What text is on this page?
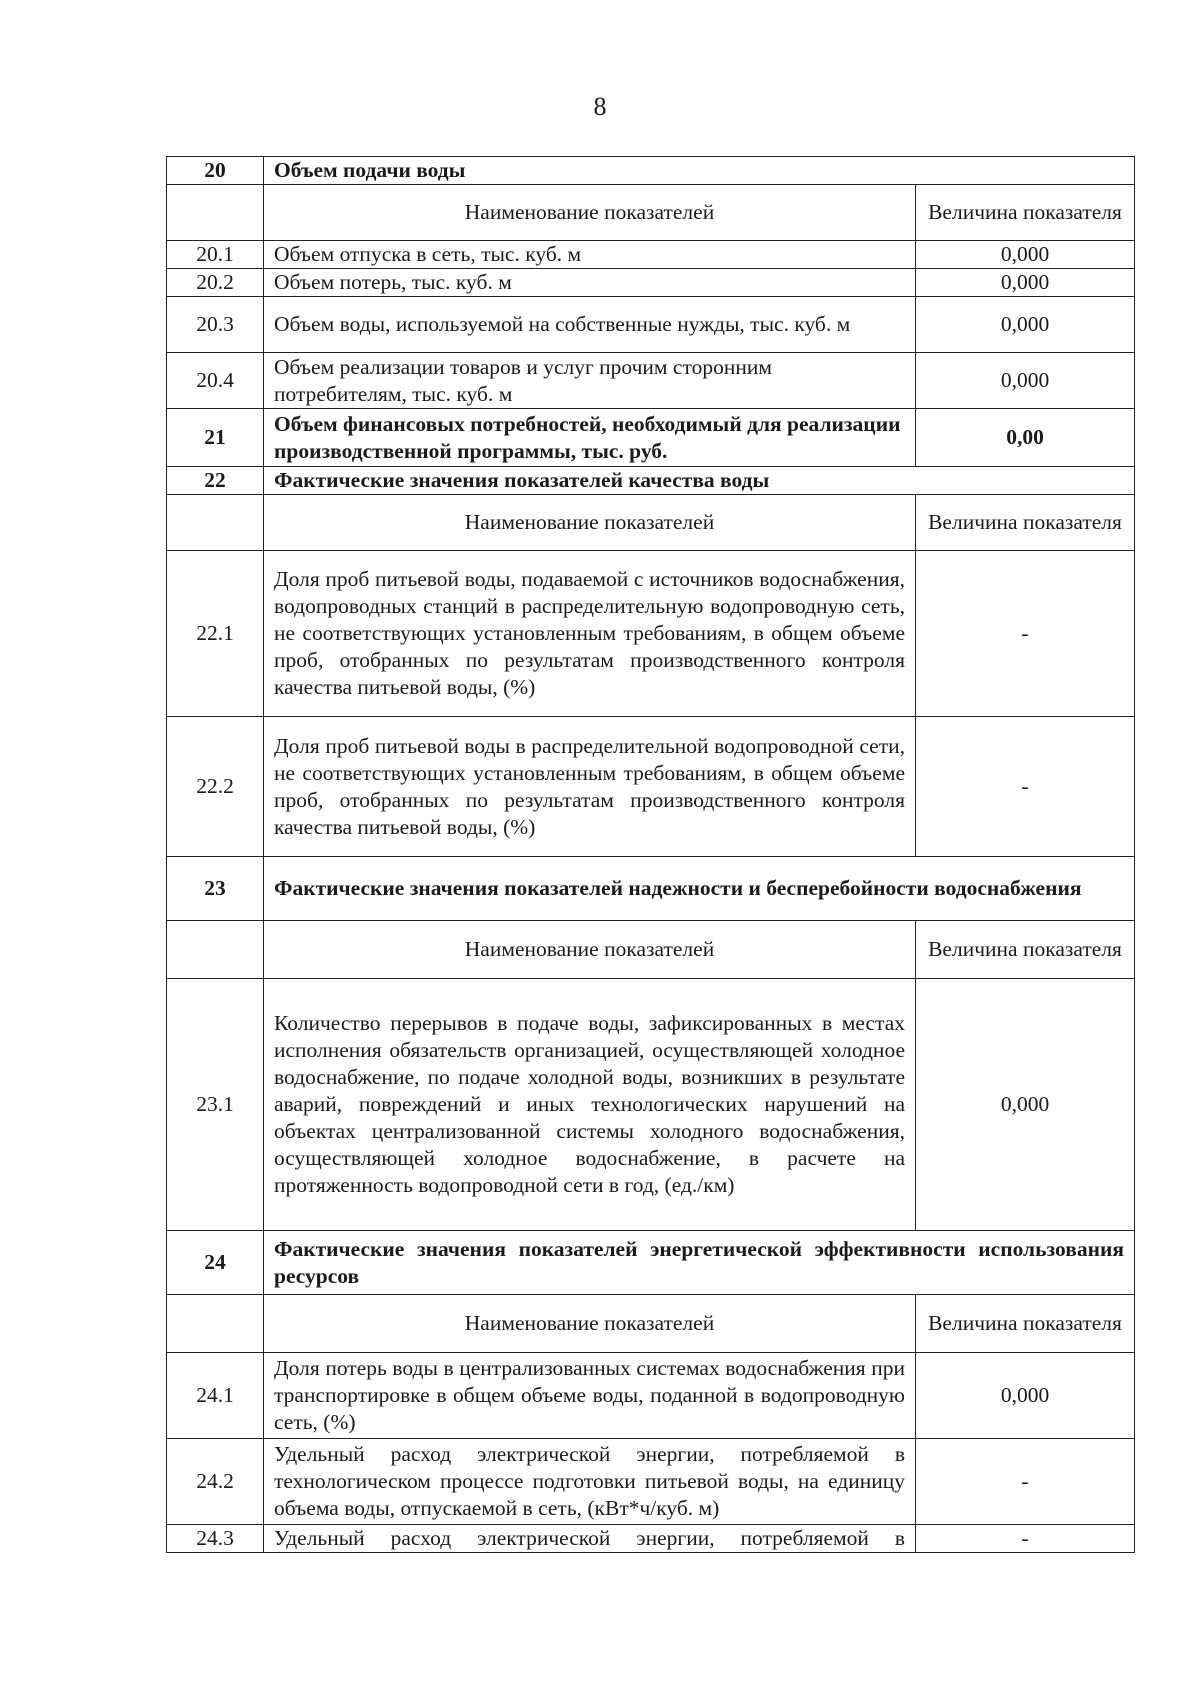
8
20	Объем подачи воды	
	Наименование показателей	Величина показателя
20.1	Объем отпуска в сеть, тыс. куб. м	0,000
20.2	Объем потерь, тыс. куб. м	0,000
20.3	Объем воды, используемой на собственные нужды, тыс. куб. м	0,000
20.4	Объем реализации товаров и услуг прочим сторонним потребителям, тыс. куб. м	0,000
21	Объем финансовых потребностей, необходимый для реализации производственной программы, тыс. руб.	0,00
22	Фактические значения показателей качества воды	
	Наименование показателей	Величина показателя
22.1	Доля проб питьевой воды, подаваемой с источников водоснабжения, водопроводных станций в распределительную водопроводную сеть, не соответствующих установленным требованиям, в общем объеме проб, отобранных по результатам производственного контроля качества питьевой воды, (%)	-
22.2	Доля проб питьевой воды в распределительной водопроводной сети, не соответствующих установленным требованиям, в общем объеме проб, отобранных по результатам производственного контроля качества питьевой воды, (%)	-
23	Фактические значения показателей надежности и бесперебойности водоснабжения	
	Наименование показателей	Величина показателя
23.1	Количество перерывов в подаче воды, зафиксированных в местах исполнения обязательств организацией, осуществляющей холодное водоснабжение, по подаче холодной воды, возникших в результате аварий, повреждений и иных технологических нарушений на объектах централизованной системы холодного водоснабжения, осуществляющей холодное водоснабжение, в расчете на протяженность водопроводной сети в год, (ед./км)	0,000
24	Фактические значения показателей энергетической эффективности использования ресурсов	
	Наименование показателей	Величина показателя
24.1	Доля потерь воды в централизованных системах водоснабжения при транспортировке в общем объеме воды, поданной в водопроводную сеть, (%)	0,000
24.2	Удельный расход электрической энергии, потребляемой в технологическом процессе подготовки питьевой воды, на единицу объема воды, отпускаемой в сеть, (кВт*ч/куб. м)	-
24.3	Удельный расход электрической энергии, потребляемой в	-
